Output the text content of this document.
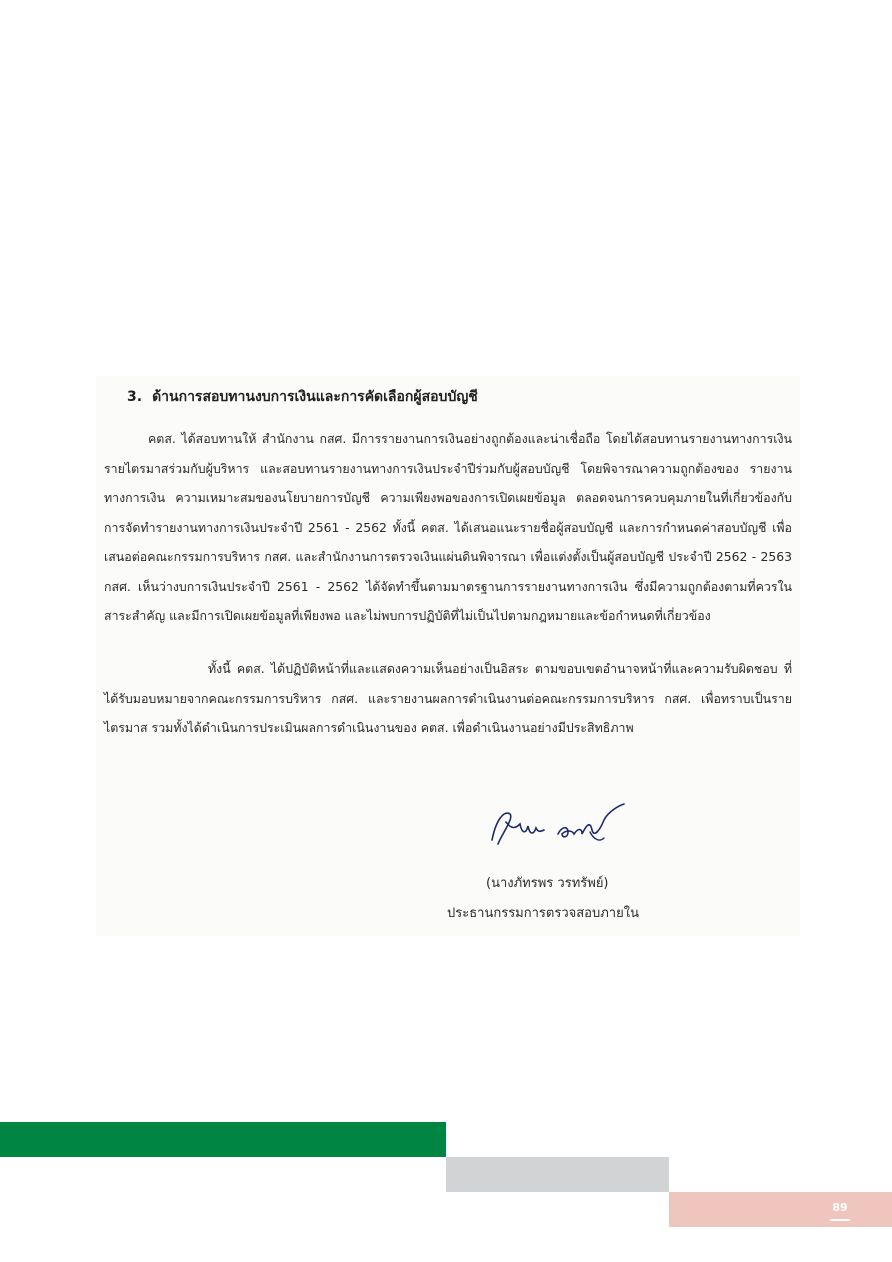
3. ด้านการสอบทานงบการเงินและการคัดเลือกผู้สอบบัญชี
คตส. ได้สอบทานให้ สำนักงาน กสศ. มีการรายงานการเงินอย่างถูกต้องและน่าเชื่อถือ โดยได้สอบทานรายงานทางการเงินรายไตรมาสร่วมกับผู้บริหาร และสอบทานรายงานทางการเงินประจำปีร่วมกับผู้สอบบัญชี โดยพิจารณาความถูกต้องของ รายงานทางการเงิน ความเหมาะสมของนโยบายการบัญชี ความเพียงพอของการเปิดเผยข้อมูล ตลอดจนการควบคุมภายในที่เกี่ยวข้องกับการจัดทำรายงานทางการเงินประจำปี 2561 - 2562 ทั้งนี้ คตส. ได้เสนอแนะรายชื่อผู้สอบบัญชี และการกำหนดค่าสอบบัญชี เพื่อเสนอต่อคณะกรรมการบริหาร กสศ. และสำนักงานการตรวจเงินแผ่นดินพิจารณา เพื่อแต่งตั้งเป็นผู้สอบบัญชี ประจำปี 2562 - 2563 กสศ. เห็นว่างบการเงินประจำปี 2561 - 2562 ได้จัดทำขึ้นตามมาตรฐานการรายงานทางการเงิน ซึ่งมีความถูกต้องตามที่ควรในสาระสำคัญ และมีการเปิดเผยข้อมูลที่เพียงพอ และไม่พบการปฏิบัติที่ไม่เป็นไปตามกฎหมายและข้อกำหนดที่เกี่ยวข้อง
ทั้งนี้ คตส. ได้ปฏิบัติหน้าที่และแสดงความเห็นอย่างเป็นอิสระ ตามขอบเขตอำนาจหน้าที่และความรับผิดชอบ ที่ได้รับมอบหมายจากคณะกรรมการบริหาร กสศ. และรายงานผลการดำเนินงานต่อคณะกรรมการบริหาร กสศ. เพื่อทราบเป็นรายไตรมาส รวมทั้งได้ดำเนินการประเมินผลการดำเนินงานของ คตส. เพื่อดำเนินงานอย่างมีประสิทธิภาพ
(นางภัทรพร วรทรัพย์)
ประธานกรรมการตรวจสอบภายใน
89
